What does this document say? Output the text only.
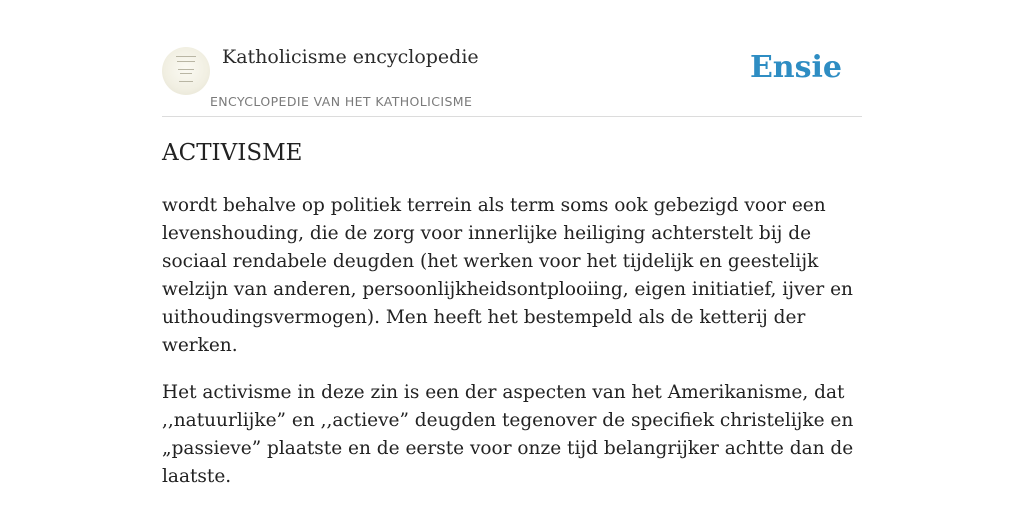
Katholicisme encyclopedie
ENCYCLOPEDIE VAN HET KATHOLICISME
Ensie
ACTIVISME

wordt behalve op politiek terrein als term soms ook gebezigd voor een levenshouding, die de zorg voor innerlijke heiliging achterstelt bij de sociaal rendabele deugden (het werken voor het tijdelijk en geestelijk welzijn van anderen, persoonlijkheidsontplooiing, eigen initiatief, ijver en uithoudingsvermogen). Men heeft het bestempeld als de ketterij der werken.

Het activisme in deze zin is een der aspecten van het Amerikanisme, dat ,,natuurlijke” en ,,actieve” deugden tegenover de specifiek christelijke en „passieve” plaatste en de eerste voor onze tijd belangrijker achtte dan de laatste.
